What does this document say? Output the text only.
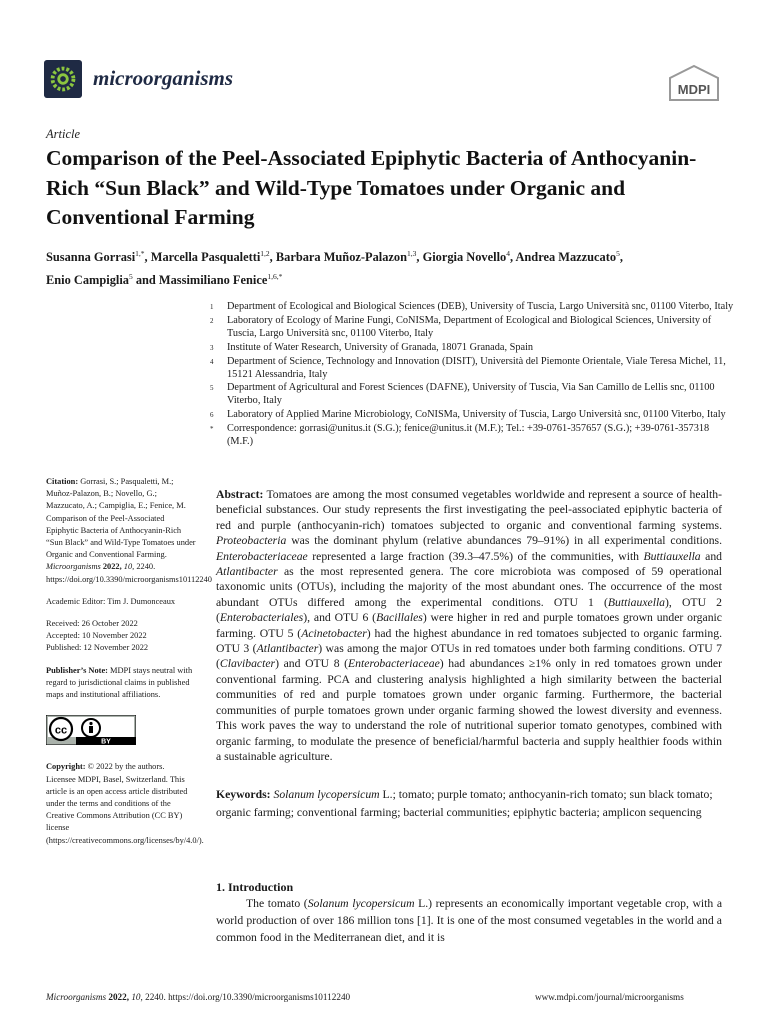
microorganisms	MDPI
Article
Comparison of the Peel-Associated Epiphytic Bacteria of Anthocyanin-Rich “Sun Black” and Wild-Type Tomatoes under Organic and Conventional Farming
Susanna Gorrasi$^{1,*}$, Marcella Pasqualetti$^{1,2}$, Barbara Muñoz-Palazon$^{1,3}$, Giorgia Novello$^4$, Andrea Mazzucato$^5$,
Enio Campiglia$^5$ and Massimiliano Fenice$^{1,6,*}$
1	Department of Ecological and Biological Sciences (DEB), University of Tuscia, Largo Università snc, 01100 Viterbo, Italy
2	Laboratory of Ecology of Marine Fungi, CoNISMa, Department of Ecological and Biological Sciences, University of Tuscia, Largo Università snc, 01100 Viterbo, Italy
3	Institute of Water Research, University of Granada, 18071 Granada, Spain
4	Department of Science, Technology and Innovation (DISIT), Università del Piemonte Orientale, Viale Teresa Michel, 11, 15121 Alessandria, Italy
5	Department of Agricultural and Forest Sciences (DAFNE), University of Tuscia, Via San Camillo de Lellis snc, 01100 Viterbo, Italy
6	Laboratory of Applied Marine Microbiology, CoNISMa, University of Tuscia, Largo Università snc, 01100 Viterbo, Italy
*	Correspondence: gorrasi@unitus.it (S.G.); fenice@unitus.it (M.F.); Tel.: +39-0761-357657 (S.G.); +39-0761-357318 (M.F.)
Citation: Gorrasi, S.; Pasqualetti, M.; Muñoz-Palazon, B.; Novello, G.; Mazzucato, A.; Campiglia, E.; Fenice, M. Comparison of the Peel-Associated Epiphytic Bacteria of Anthocyanin-Rich “Sun Black” and Wild-Type Tomatoes under Organic and Conventional Farming. Microorganisms 2022, 10, 2240. https://doi.org/10.3390/microorganisms10112240
Academic Editor: Tim J. Dumonceaux
Received: 26 October 2022
Accepted: 10 November 2022
Published: 12 November 2022
Publisher’s Note: MDPI stays neutral with regard to jurisdictional claims in published maps and institutional affiliations.
cc
BY
Copyright: © 2022 by the authors. Licensee MDPI, Basel, Switzerland. This article is an open access article distributed under the terms and conditions of the Creative Commons Attribution (CC BY) license (https://creativecommons.org/licenses/by/4.0/).
Abstract: Tomatoes are among the most consumed vegetables worldwide and represent a source of health-beneficial substances. Our study represents the first investigating the peel-associated epiphytic bacteria of red and purple (anthocyanin-rich) tomatoes subjected to organic and conventional farming systems. Proteobacteria was the dominant phylum (relative abundances 79–91%) in all experimental conditions. Enterobacteriaceae represented a large fraction (39.3–47.5%) of the communities, with Buttiauxella and Atlantibacter as the most represented genera. The core microbiota was composed of 59 operational taxonomic units (OTUs), including the majority of the most abundant ones. The occurrence of the most abundant OTUs differed among the experimental conditions. OTU 1 (Buttiauxella), OTU 2 (Enterobacteriales), and OTU 6 (Bacillales) were higher in red and purple tomatoes grown under organic farming. OTU 5 (Acinetobacter) had the highest abundance in red tomatoes subjected to organic farming. OTU 3 (Atlantibacter) was among the major OTUs in red tomatoes under both farming conditions. OTU 7 (Clavibacter) and OTU 8 (Enterobacteriaceae) had abundances ≥1% only in red tomatoes grown under conventional farming. PCA and clustering analysis highlighted a high similarity between the bacterial communities of red and purple tomatoes grown under organic farming. Furthermore, the bacterial communities of purple tomatoes grown under organic farming showed the lowest diversity and evenness. This work paves the way to understand the role of nutritional superior tomato genotypes, combined with organic farming, to modulate the presence of beneficial/harmful bacteria and supply healthier foods within a sustainable agriculture.
Keywords: Solanum lycopersicum L.; tomato; purple tomato; anthocyanin-rich tomato; sun black tomato; organic farming; conventional farming; bacterial communities; epiphytic bacteria; amplicon sequencing
1. Introduction
The tomato (Solanum lycopersicum L.) represents an economically important vegetable crop, with a world production of over 186 million tons [1]. It is one of the most consumed vegetables in the world and a common food in the Mediterranean diet, and it is
Microorganisms 2022, 10, 2240. https://doi.org/10.3390/microorganisms10112240	www.mdpi.com/journal/microorganisms
